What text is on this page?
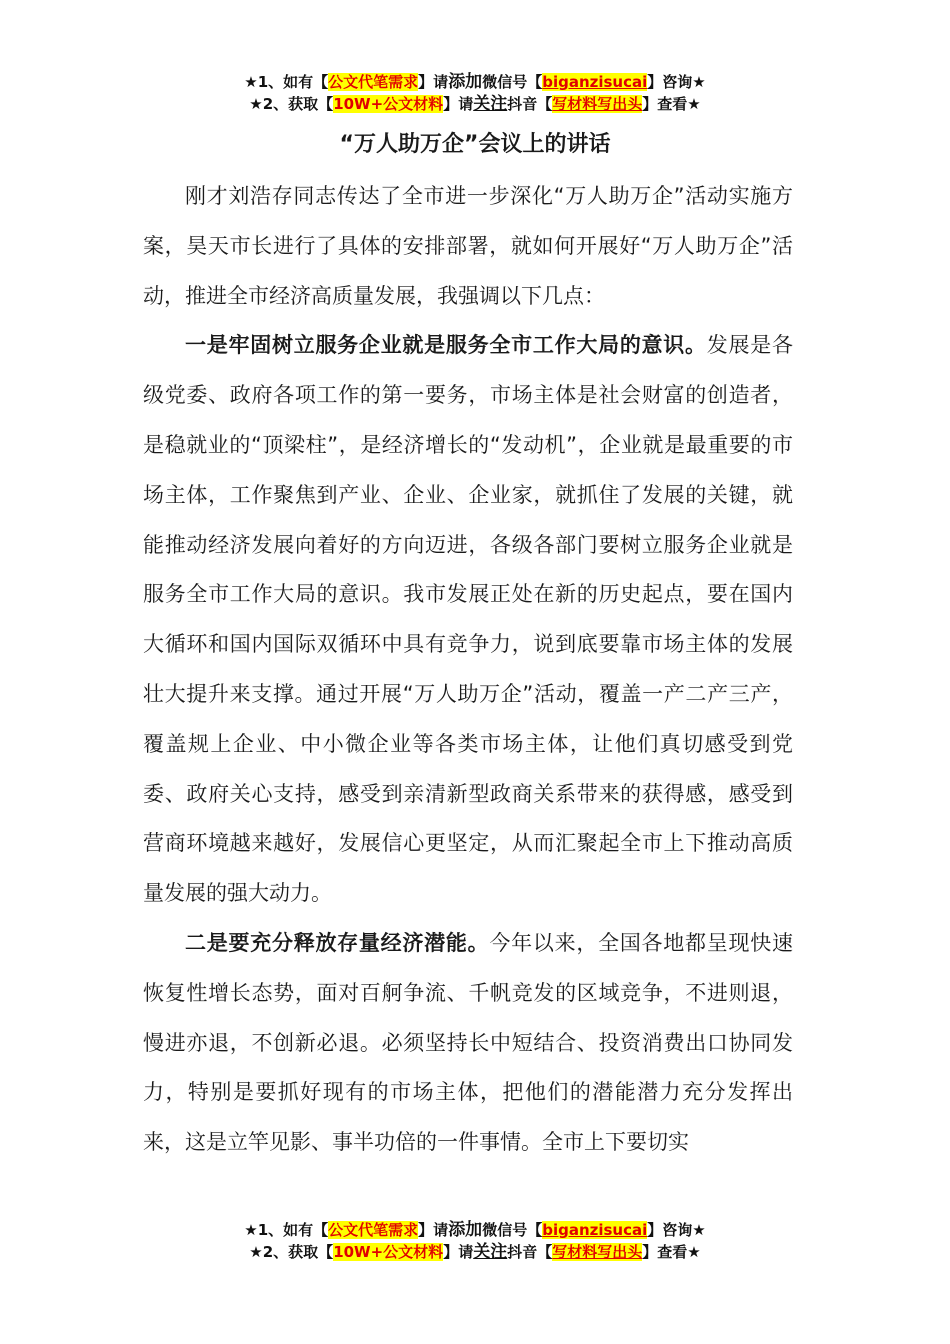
★1、如有【公文代笔需求】请添加微信号【biganzisucai】咨询★
★2、获取【10W+公文材料】请关注抖音【写材料写出头】查看★
“万人助万企”会议上的讲话

刚才刘浩存同志传达了全市进一步深化“万人助万企”活动实施方案，昊天市长进行了具体的安排部署，就如何开展好“万人助万企”活动，推进全市经济高质量发展，我强调以下几点：

一是牢固树立服务企业就是服务全市工作大局的意识。发展是各级党委、政府各项工作的第一要务，市场主体是社会财富的创造者，是稳就业的“顶梁柱”，是经济增长的“发动机”，企业就是最重要的市场主体，工作聚焦到产业、企业、企业家，就抓住了发展的关键，就能推动经济发展向着好的方向迈进，各级各部门要树立服务企业就是服务全市工作大局的意识。我市发展正处在新的历史起点，要在国内大循环和国内国际双循环中具有竞争力，说到底要靠市场主体的发展壮大提升来支撑。通过开展“万人助万企”活动，覆盖一产二产三产，覆盖规上企业、中小微企业等各类市场主体，让他们真切感受到党委、政府关心支持，感受到亲清新型政商关系带来的获得感，感受到营商环境越来越好，发展信心更坚定，从而汇聚起全市上下推动高质量发展的强大动力。

二是要充分释放存量经济潜能。今年以来，全国各地都呈现快速恢复性增长态势，面对百舸争流、千帆竞发的区域竞争，不进则退，慢进亦退，不创新必退。必须坚持长中短结合、投资消费出口协同发力，特别是要抓好现有的市场主体，把他们的潜能潜力充分发挥出来，这是立竿见影、事半功倍的一件事情。全市上下要切实

★1、如有【公文代笔需求】请添加微信号【biganzisucai】咨询★
★2、获取【10W+公文材料】请关注抖音【写材料写出头】查看★
